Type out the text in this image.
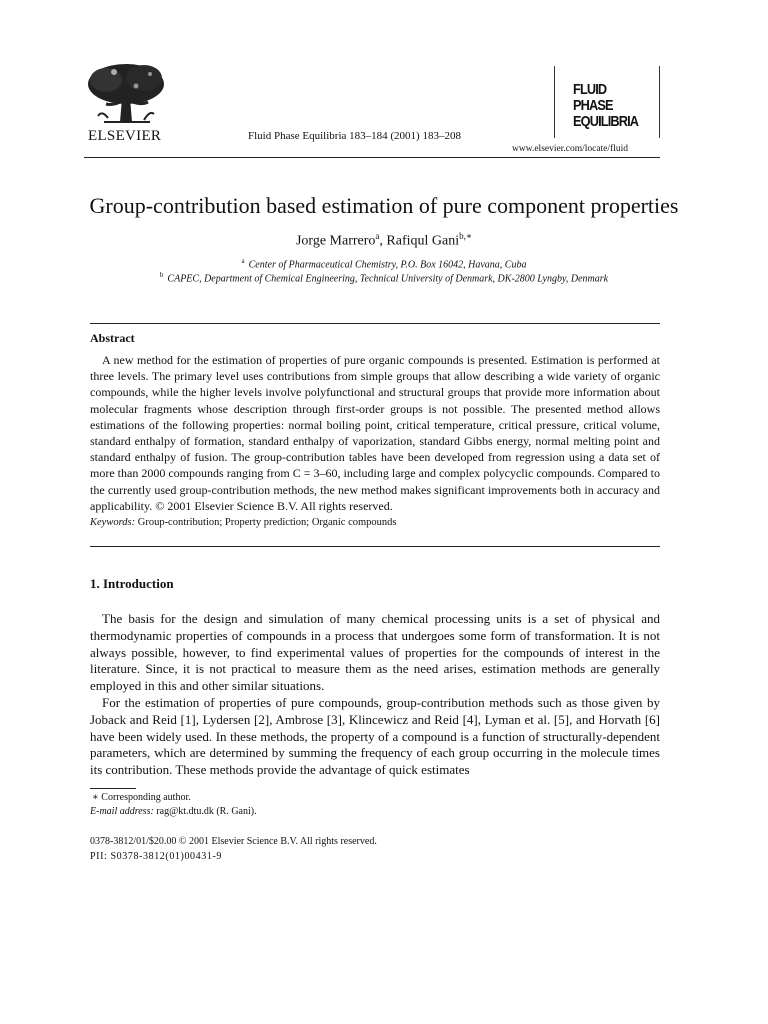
ELSEVIER	Fluid Phase Equilibria 183–184 (2001) 183–208
FLUID PHASE
EQUILIBRIA
www.elsevier.com/locate/fluid
Group-contribution based estimation of pure component properties
Jorge Marrero$^a$, Rafiqul Gani$^{b,∗}$
$^a$ Center of Pharmaceutical Chemistry, P.O. Box 16042, Havana, Cuba
$^b$ CAPEC, Department of Chemical Engineering, Technical University of Denmark, DK-2800 Lyngby, Denmark
Abstract
A new method for the estimation of properties of pure organic compounds is presented. Estimation is performed at three levels. The primary level uses contributions from simple groups that allow describing a wide variety of organic compounds, while the higher levels involve polyfunctional and structural groups that provide more information about molecular fragments whose description through first-order groups is not possible. The presented method allows estimations of the following properties: normal boiling point, critical temperature, critical pressure, critical volume, standard enthalpy of formation, standard enthalpy of vaporization, standard Gibbs energy, normal melting point and standard enthalpy of fusion. The group-contribution tables have been developed from regression using a data set of more than 2000 compounds ranging from C = 3–60, including large and complex polycyclic compounds. Compared to the currently used group-contribution methods, the new method makes significant improvements both in accuracy and applicability. © 2001 Elsevier Science B.V. All rights reserved.
Keywords: Group-contribution; Property prediction; Organic compounds
1. Introduction
The basis for the design and simulation of many chemical processing units is a set of physical and thermodynamic properties of compounds in a process that undergoes some form of transformation. It is not always possible, however, to find experimental values of properties for the compounds of interest in the literature. Since, it is not practical to measure them as the need arises, estimation methods are generally employed in this and other similar situations.
For the estimation of properties of pure compounds, group-contribution methods such as those given by Joback and Reid [1], Lydersen [2], Ambrose [3], Klincewicz and Reid [4], Lyman et al. [5], and Horvath [6] have been widely used. In these methods, the property of a compound is a function of structurally-dependent parameters, which are determined by summing the frequency of each group occurring in the molecule times its contribution. These methods provide the advantage of quick estimates
∗ Corresponding author.
E-mail address: rag@kt.dtu.dk (R. Gani).
0378-3812/01/$20.00 © 2001 Elsevier Science B.V. All rights reserved.
PII: S0378-3812(01)00431-9
